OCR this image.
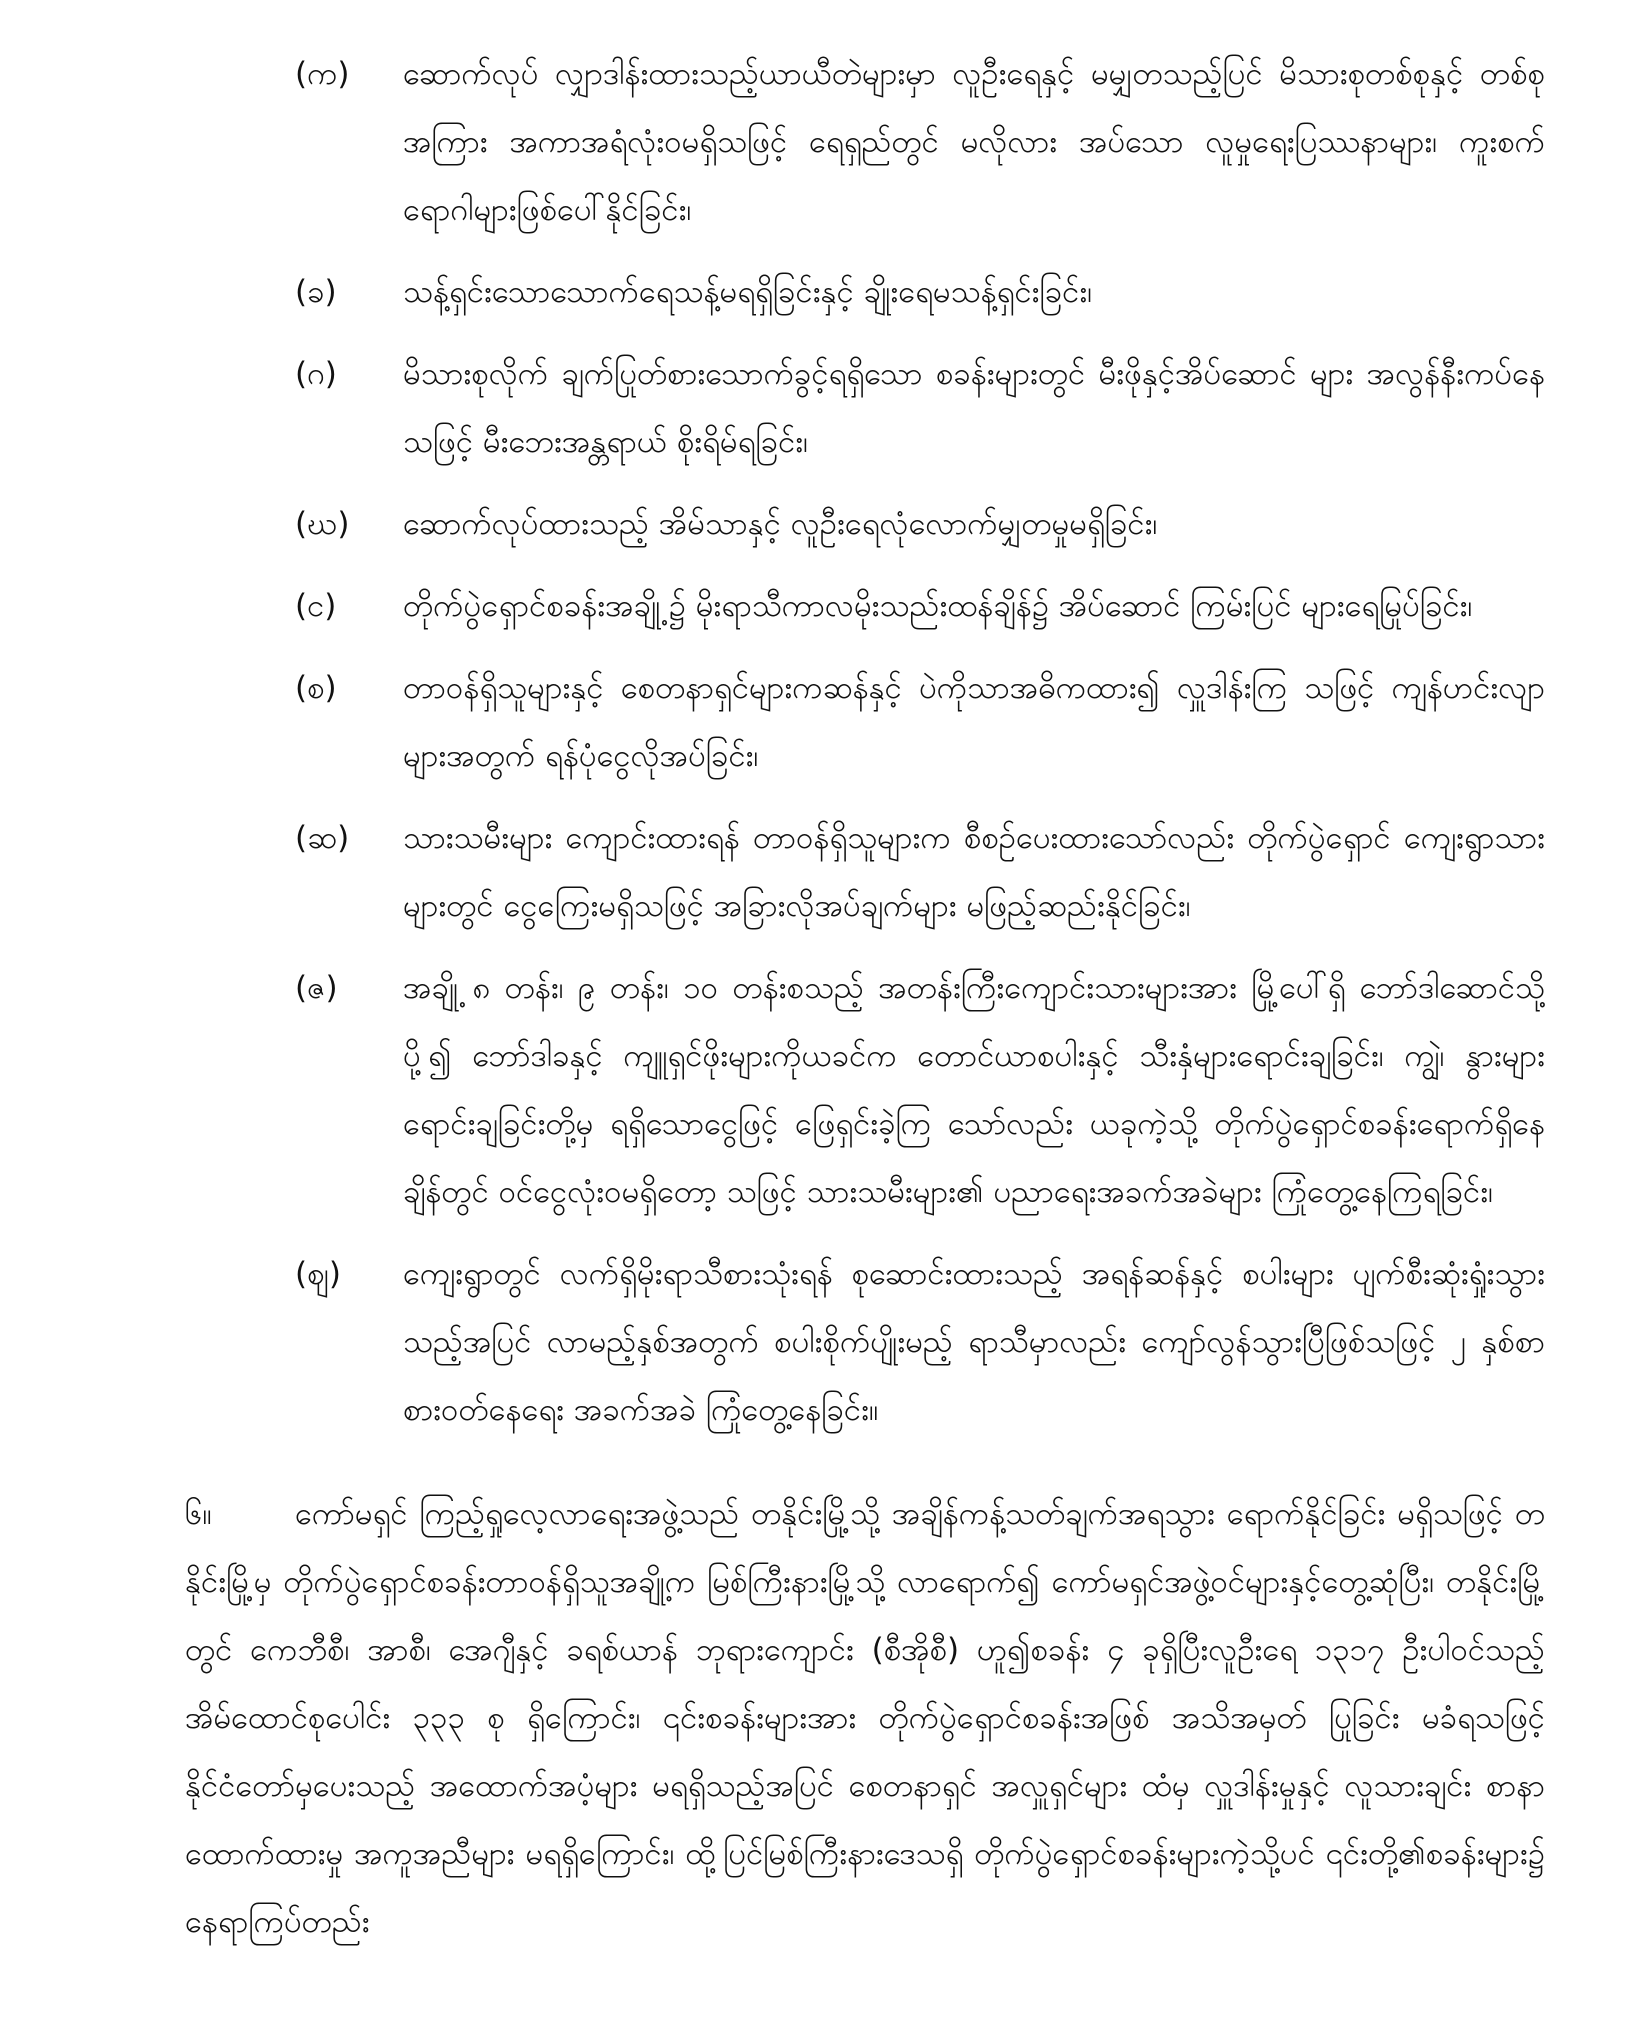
(က)	ဆောက်လုပ် လျှာဒါန်းထားသည့်ယာယီတဲများမှာ လူဦးရေနှင့် မမျှတသည့်ပြင် မိသားစုတစ်စုနှင့် တစ်စုအကြား အကာအရံလုံးဝမရှိသဖြင့် ရေရှည်တွင် မလိုလား အပ်သော လူမှုရေးပြဿနာများ၊ ကူးစက် ရောဂါများဖြစ်ပေါ်နိုင်ခြင်း၊
(ခ)	သန့်ရှင်းသောသောက်ရေသန့်မရရှိခြင်းနှင့် ချိုးရေမသန့်ရှင်းခြင်း၊
(ဂ)	မိသားစုလိုက် ချက်ပြုတ်စားသောက်ခွင့်ရရှိသော စခန်းများတွင် မီးဖိုနှင့်အိပ်ဆောင် များ အလွန်နီးကပ်နေသဖြင့် မီးဘေးအန္တရာယ် စိုးရိမ်ရခြင်း၊
(ဃ)	ဆောက်လုပ်ထားသည့် အိမ်သာနှင့် လူဦးရေလုံလောက်မျှတမှုမရှိခြင်း၊
(င)	တိုက်ပွဲရှောင်စခန်းအချို့၌ မိုးရာသီကာလမိုးသည်းထန်ချိန်၌ အိပ်ဆောင် ကြမ်းပြင် များရေမြုပ်ခြင်း၊
(စ)	တာဝန်ရှိသူများနှင့် စေတနာရှင်များကဆန်နှင့် ပဲကိုသာအဓိကထား၍ လှူဒါန်းကြ သဖြင့် ကျန်ဟင်းလျာများအတွက် ရန်ပုံငွေလိုအပ်ခြင်း၊
(ဆ)	သားသမီးများ ကျောင်းထားရန် တာဝန်ရှိသူများက စီစဉ်ပေးထားသော်လည်း တိုက်ပွဲရှောင် ကျေးရွာသားများတွင် ငွေကြေးမရှိသဖြင့် အခြားလိုအပ်ချက်များ မဖြည့်ဆည်းနိုင်ခြင်း၊
(ဇ)	အချို့ ၈ တန်း၊ ၉ တန်း၊ ၁၀ တန်းစသည့် အတန်းကြီးကျောင်းသားများအား မြို့ပေါ်ရှိ ဘော်ဒါဆောင်သို့ပို့၍ ဘော်ဒါခနှင့် ကျူရှင်ဖိုးများကိုယခင်က တောင်ယာစပါးနှင့် သီးနှံများရောင်းချခြင်း၊ ကျွဲ၊ နွားများရောင်းချခြင်းတို့မှ ရရှိသောငွေဖြင့် ဖြေရှင်းခဲ့ကြ သော်လည်း ယခုကဲ့သို့ တိုက်ပွဲရှောင်စခန်းရောက်ရှိနေချိန်တွင် ဝင်ငွေလုံးဝမရှိတော့ သဖြင့် သားသမီးများ၏ ပညာရေးအခက်အခဲများ ကြုံတွေ့နေကြရခြင်း၊
(ဈ)	ကျေးရွာတွင် လက်ရှိမိုးရာသီစားသုံးရန် စုဆောင်းထားသည့် အရန်ဆန်နှင့် စပါးများ ပျက်စီးဆုံးရှုံးသွားသည့်အပြင် လာမည့်နှစ်အတွက် စပါးစိုက်ပျိုးမည့် ရာသီမှာလည်း ကျော်လွန်သွားပြီဖြစ်သဖြင့် ၂ နှစ်စာစားဝတ်နေရေး အခက်အခဲ ကြုံတွေ့နေခြင်း။
၆။	ကော်မရှင် ကြည့်ရှုလေ့လာရေးအဖွဲ့သည် တနိုင်းမြို့သို့ အချိန်ကန့်သတ်ချက်အရသွား ရောက်နိုင်ခြင်း မရှိသဖြင့် တနိုင်းမြို့မှ တိုက်ပွဲရှောင်စခန်းတာဝန်ရှိသူအချို့က မြစ်ကြီးနားမြို့သို့ လာရောက်၍ ကော်မရှင်အဖွဲ့ဝင်များနှင့်တွေ့ဆုံပြီး၊ တနိုင်းမြို့တွင် ကေဘီစီ၊ အာစီ၊ အေဂျီနှင့် ခရစ်ယာန် ဘုရားကျောင်း (စီအိုစီ) ဟူ၍စခန်း ၄ ခုရှိပြီးလူဦးရေ ၁၃၁၇ ဦးပါဝင်သည့် အိမ်ထောင်စုပေါင်း ၃၃၃ စု ရှိကြောင်း၊ ၎င်းစခန်းများအား တိုက်ပွဲရှောင်စခန်းအဖြစ် အသိအမှတ် ပြုခြင်း မခံရသဖြင့်နိုင်ငံတော်မှပေးသည့် အထောက်အပံ့များ မရရှိသည့်အပြင် စေတနာရှင် အလှူရှင်များ ထံမှ လှူဒါန်းမှုနှင့် လူသားချင်း စာနာထောက်ထားမှု အကူအညီများ မရရှိကြောင်း၊ ထို့ပြင်မြစ်ကြီးနားဒေသရှိ တိုက်ပွဲရှောင်စခန်းများကဲ့သို့ပင် ၎င်းတို့၏စခန်းများ၌ နေရာကြပ်တည်း
